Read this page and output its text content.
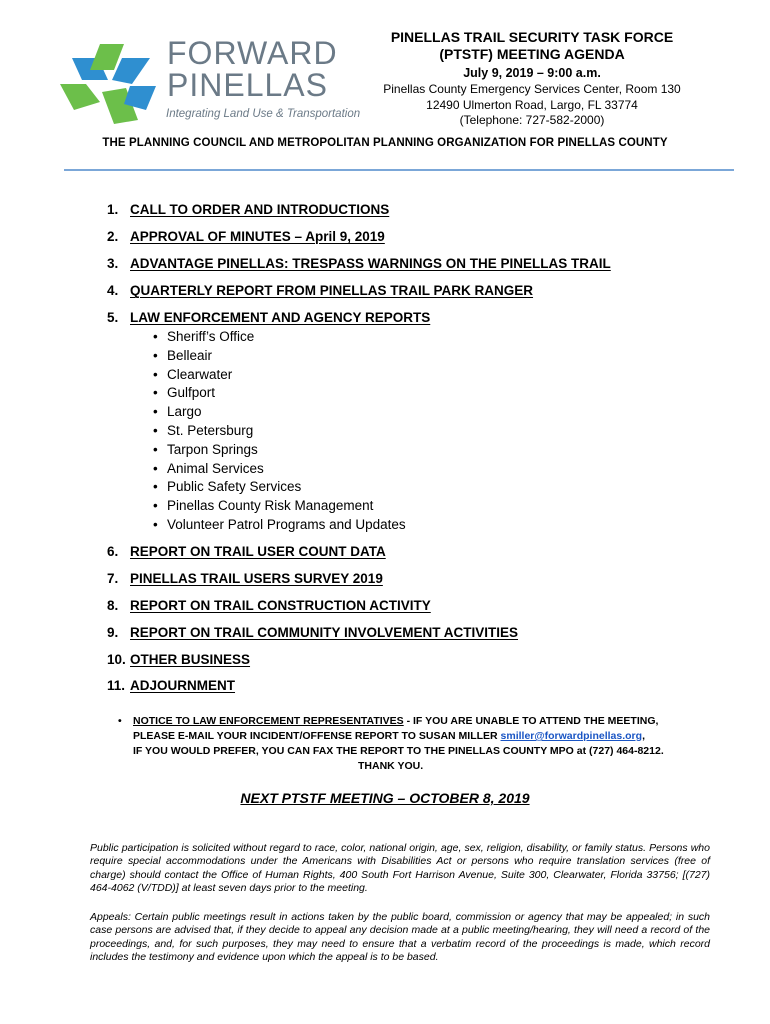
FORWARD
PINELLAS
Integrating Land Use & Transportation
PINELLAS TRAIL SECURITY TASK FORCE
(PTSTF) MEETING AGENDA
July 9, 2019 – 9:00 a.m.
Pinellas County Emergency Services Center, Room 130
12490 Ulmerton Road, Largo, FL 33774
(Telephone: 727-582-2000)
THE PLANNING COUNCIL AND METROPOLITAN PLANNING ORGANIZATION FOR PINELLAS COUNTY
1. CALL TO ORDER AND INTRODUCTIONS
2. APPROVAL OF MINUTES – April 9, 2019
3. ADVANTAGE PINELLAS: TRESPASS WARNINGS ON THE PINELLAS TRAIL
4. QUARTERLY REPORT FROM PINELLAS TRAIL PARK RANGER
5. LAW ENFORCEMENT AND AGENCY REPORTS
• Sheriff’s Office
• Belleair
• Clearwater
• Gulfport
• Largo
• St. Petersburg
• Tarpon Springs
• Animal Services
• Public Safety Services
• Pinellas County Risk Management
• Volunteer Patrol Programs and Updates
6. REPORT ON TRAIL USER COUNT DATA
7. PINELLAS TRAIL USERS SURVEY 2019
8. REPORT ON TRAIL CONSTRUCTION ACTIVITY
9. REPORT ON TRAIL COMMUNITY INVOLVEMENT ACTIVITIES
10. OTHER BUSINESS
11. ADJOURNMENT
• NOTICE TO LAW ENFORCEMENT REPRESENTATIVES - IF YOU ARE UNABLE TO ATTEND THE MEETING,
PLEASE E-MAIL YOUR INCIDENT/OFFENSE REPORT TO SUSAN MILLER smiller@forwardpinellas.org,
IF YOU WOULD PREFER, YOU CAN FAX THE REPORT TO THE PINELLAS COUNTY MPO at (727) 464-8212.
THANK YOU.
NEXT PTSTF MEETING – OCTOBER 8, 2019
Public participation is solicited without regard to race, color, national origin, age, sex, religion, disability, or family status. Persons who require special accommodations under the Americans with Disabilities Act or persons who require translation services (free of charge) should contact the Office of Human Rights, 400 South Fort Harrison Avenue, Suite 300, Clearwater, Florida 33756; [(727) 464-4062 (V/TDD)] at least seven days prior to the meeting.
Appeals: Certain public meetings result in actions taken by the public board, commission or agency that may be appealed; in such case persons are advised that, if they decide to appeal any decision made at a public meeting/hearing, they will need a record of the proceedings, and, for such purposes, they may need to ensure that a verbatim record of the proceedings is made, which record includes the testimony and evidence upon which the appeal is to be based.
